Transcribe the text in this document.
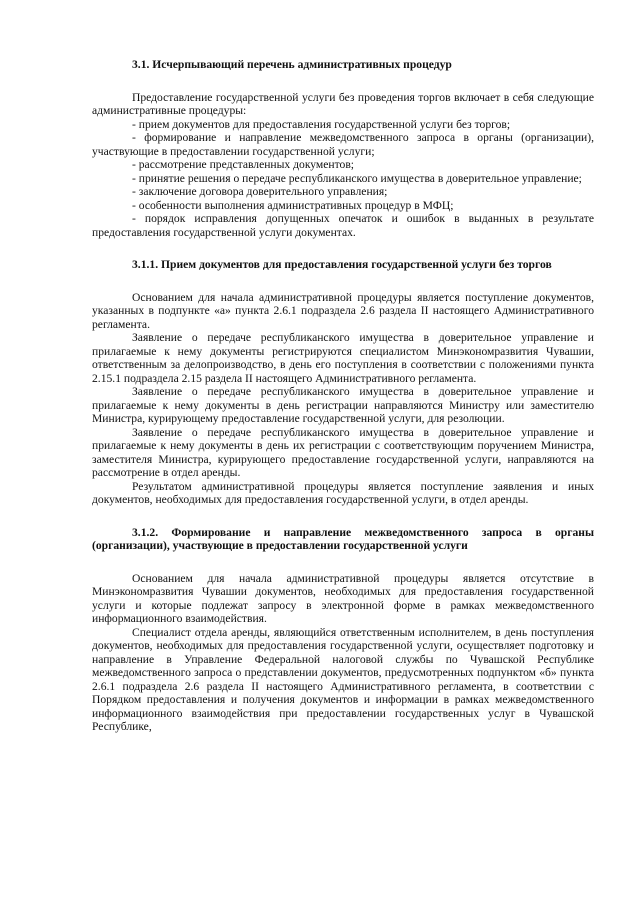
3.1. Исчерпывающий перечень административных процедур

Предоставление государственной услуги без проведения торгов включает в себя следующие административные процедуры:

- прием документов для предоставления государственной услуги без торгов;

- формирование и направление межведомственного запроса в органы (организации), участвующие в предоставлении государственной услуги;

- рассмотрение представленных документов;

- принятие решения о передаче республиканского имущества в доверительное управление;

- заключение договора доверительного управления;

- особенности выполнения административных процедур в МФЦ;

- порядок исправления допущенных опечаток и ошибок в выданных в результате предоставления государственной услуги документах.

3.1.1. Прием документов для предоставления государственной услуги без торгов

Основанием для начала административной процедуры является поступление документов, указанных в подпункте «а» пункта 2.6.1 подраздела 2.6 раздела II настоящего Административного регламента.

Заявление о передаче республиканского имущества в доверительное управление и прилагаемые к нему документы регистрируются специалистом Минэкономразвития Чувашии, ответственным за делопроизводство, в день его поступления в соответствии с положениями пункта 2.15.1 подраздела 2.15 раздела II настоящего Административного регламента.

Заявление о передаче республиканского имущества в доверительное управление и прилагаемые к нему документы в день регистрации направляются Министру или заместителю Министра, курирующему предоставление государственной услуги, для резолюции.

Заявление о передаче республиканского имущества в доверительное управление и прилагаемые к нему документы в день их регистрации с соответствующим поручением Министра, заместителя Министра, курирующего предоставление государственной услуги, направляются на рассмотрение в отдел аренды.

Результатом административной процедуры является поступление заявления и иных документов, необходимых для предоставления государственной услуги, в отдел аренды.

3.1.2. Формирование и направление межведомственного запроса в органы (организации), участвующие в предоставлении государственной услуги

Основанием для начала административной процедуры является отсутствие в Минэкономразвития Чувашии документов, необходимых для предоставления государственной услуги и которые подлежат запросу в электронной форме в рамках межведомственного информационного взаимодействия.

Специалист отдела аренды, являющийся ответственным исполнителем, в день поступления документов, необходимых для предоставления государственной услуги, осуществляет подготовку и направление в Управление Федеральной налоговой службы по Чувашской Республике межведомственного запроса о представлении документов, предусмотренных подпунктом «б» пункта 2.6.1 подраздела 2.6 раздела II настоящего Административного регламента, в соответствии с Порядком предоставления и получения документов и информации в рамках межведомственного информационного взаимодействия при предоставлении государственных услуг в Чувашской Республике,
